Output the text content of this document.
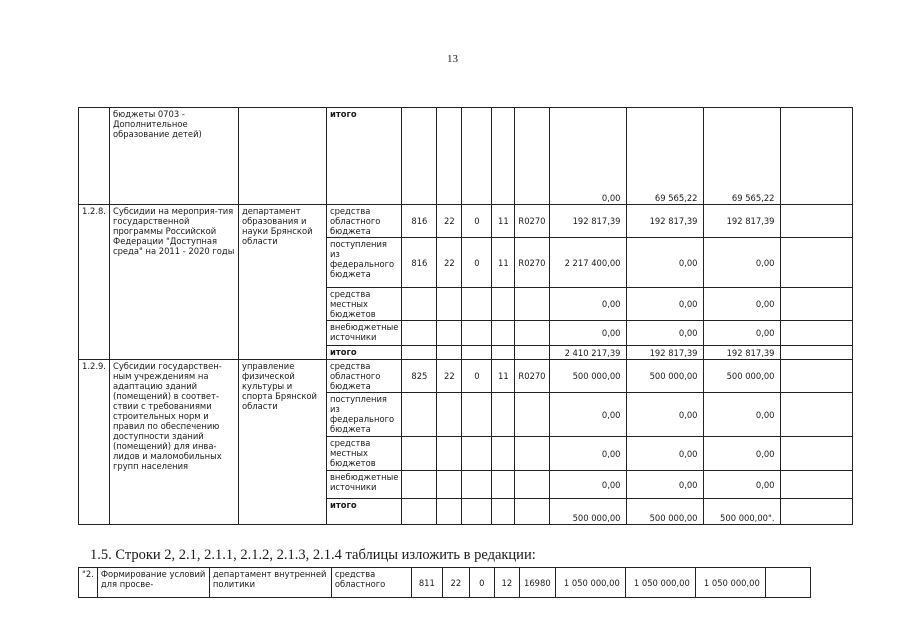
13
	бюджеты 0703 - Дополнительное образование детей)		итого						0,00	69 565,22	69 565,22	
1.2.8.	Субсидии на мероприя-тия государственной программы Российской Федерации "Доступная среда" на 2011 - 2020 годы	департамент образования и науки Брянской области	средства областного бюджета	816	22	0	11	R0270	192 817,39	192 817,39	192 817,39	
			поступления из федерального бюджета	816	22	0	11	R0270	2 217 400,00	0,00	0,00	
			средства местных бюджетов						0,00	0,00	0,00	
			внебюджетные источники						0,00	0,00	0,00	
			итого						2 410 217,39	192 817,39	192 817,39	
1.2.9.	Субсидии государствен-ным учреждениям на адаптацию зданий (помещений) в соответ-ствии с требованиями строительных норм и правил по обеспечению доступности зданий (помещений) для инва-лидов и маломобильных групп населения	управление физической культуры и спорта Брянской области	средства областного бюджета	825	22	0	11	R0270	500 000,00	500 000,00	500 000,00	
			поступления из федерального бюджета						0,00	0,00	0,00	
			средства местных бюджетов						0,00	0,00	0,00	
			внебюджетные источники						0,00	0,00	0,00	
			итого						500 000,00	500 000,00	500 000,00".	
1.5. Строки 2, 2.1, 2.1.1, 2.1.2, 2.1.3, 2.1.4 таблицы изложить в редакции:
"2.	Формирование условий для просве-	департамент внутренней политики	средства областного	811	22	0	12	16980	1 050 000,00	1 050 000,00	1 050 000,00	
